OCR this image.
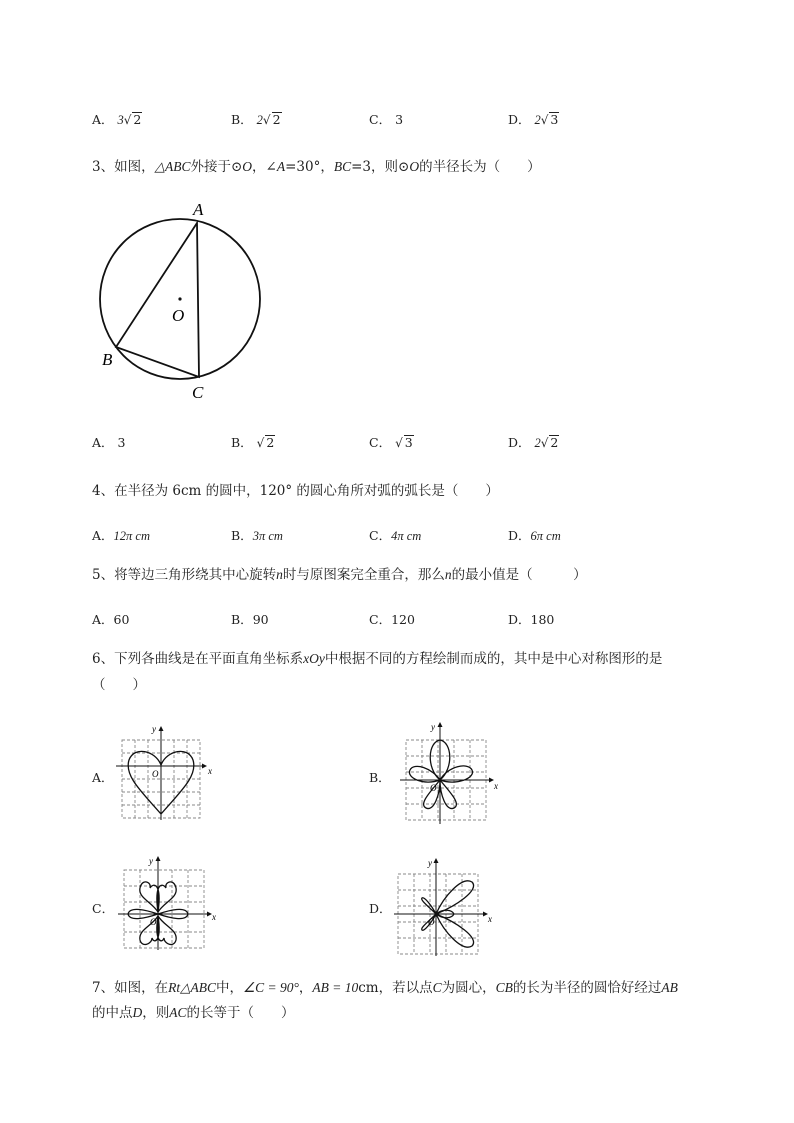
A． 3√ 2	B． 2√ 2	C． 3	D． 2√ 3
3、如图，△ABC外接于⊙O，∠A=30°，BC=3，则⊙O的半径长为（　　）
A
B
C
O
A． 3	B． √ 2	C． √ 3	D． 2√ 2
4、在半径为 6cm 的圆中，120° 的圆心角所对弧的弧长是（　　）
A．12π cm	B．3π cm	C．4π cm	D．6π cm
5、将等边三角形绕其中心旋转n时与原图案完全重合，那么n的最小值是（　　　）
A．60	B．90	C．120	D．180
6、下列各曲线是在平面直角坐标系xOy中根据不同的方程绘制而成的，其中是中心对称图形的是
（　　）
A．	x
y
O	B．
x
y
O
C．
x
y
O
D．
x
y
O
7、如图，在Rt△ABC中，∠C = 90°，AB = 10cm，若以点C为圆心，CB的长为半径的圆恰好经过AB
的中点D，则AC的长等于（　　）
